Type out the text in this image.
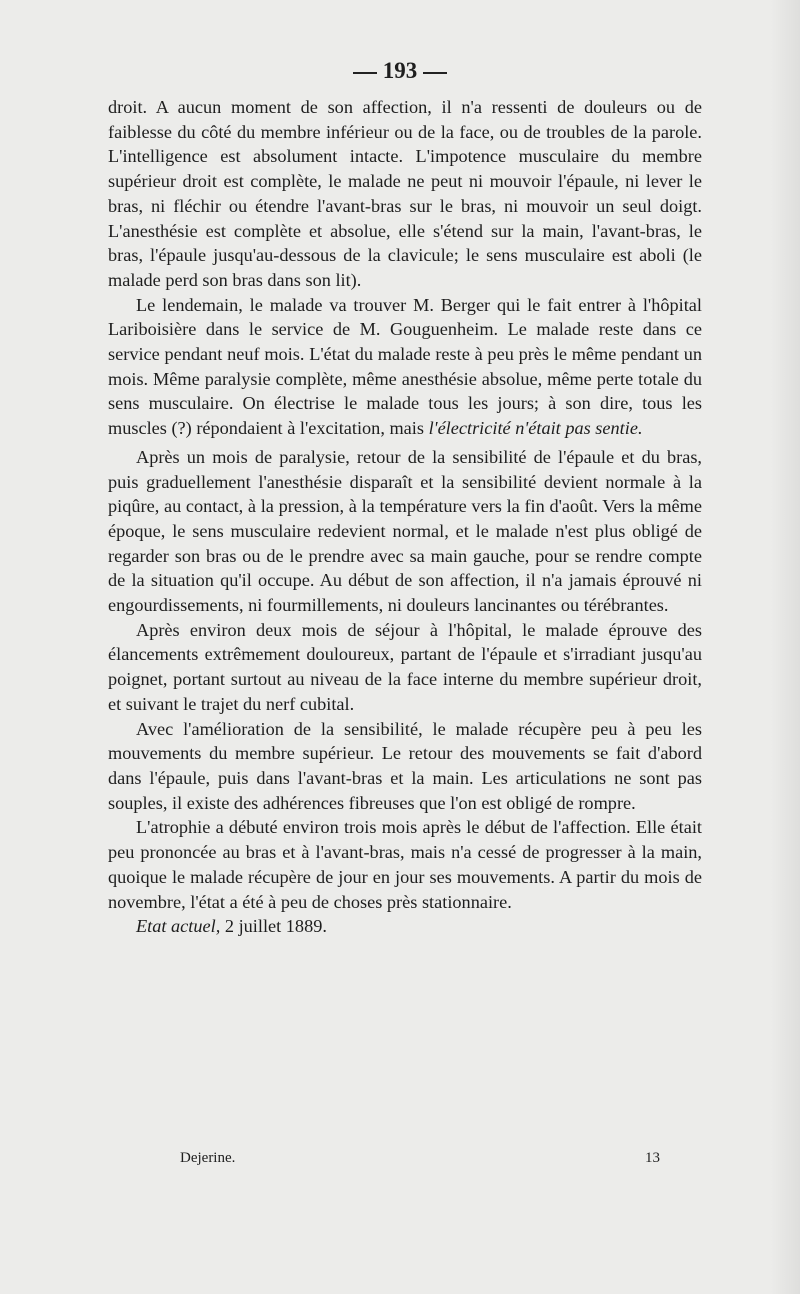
193

droit. A aucun moment de son affection, il n'a ressenti de douleurs ou de faiblesse du côté du membre inférieur ou de la face, ou de troubles de la parole. L'intelligence est absolument intacte. L'impotence musculaire du membre supérieur droit est complète, le malade ne peut ni mouvoir l'épaule, ni lever le bras, ni fléchir ou étendre l'avant-bras sur le bras, ni mouvoir un seul doigt. L'anesthésie est complète et absolue, elle s'étend sur la main, l'avant-bras, le bras, l'épaule jusqu'au-dessous de la clavicule; le sens musculaire est aboli (le malade perd son bras dans son lit).

Le lendemain, le malade va trouver M. Berger qui le fait entrer à l'hôpital Lariboisière dans le service de M. Gouguenheim. Le malade reste dans ce service pendant neuf mois. L'état du malade reste à peu près le même pendant un mois. Même paralysie complète, même anesthésie absolue, même perte totale du sens musculaire. On électrise le malade tous les jours; à son dire, tous les muscles (?) répondaient à l'excitation, mais l'électricité n'était pas sentie.

Après un mois de paralysie, retour de la sensibilité de l'épaule et du bras, puis graduellement l'anesthésie disparaît et la sensibilité devient normale à la piqûre, au contact, à la pression, à la température vers la fin d'août. Vers la même époque, le sens musculaire redevient normal, et le malade n'est plus obligé de regarder son bras ou de le prendre avec sa main gauche, pour se rendre compte de la situation qu'il occupe. Au début de son affection, il n'a jamais éprouvé ni engourdissements, ni fourmillements, ni douleurs lancinantes ou térébrantes.

Après environ deux mois de séjour à l'hôpital, le malade éprouve des élancements extrêmement douloureux, partant de l'épaule et s'irradiant jusqu'au poignet, portant surtout au niveau de la face interne du membre supérieur droit, et suivant le trajet du nerf cubital.

Avec l'amélioration de la sensibilité, le malade récupère peu à peu les mouvements du membre supérieur. Le retour des mouvements se fait d'abord dans l'épaule, puis dans l'avant-bras et la main. Les articulations ne sont pas souples, il existe des adhérences fibreuses que l'on est obligé de rompre.

L'atrophie a débuté environ trois mois après le début de l'affection. Elle était peu prononcée au bras et à l'avant-bras, mais n'a cessé de progresser à la main, quoique le malade récupère de jour en jour ses mouvements. A partir du mois de novembre, l'état a été à peu de choses près stationnaire.

Etat actuel, 2 juillet 1889.

Dejerine.	13
